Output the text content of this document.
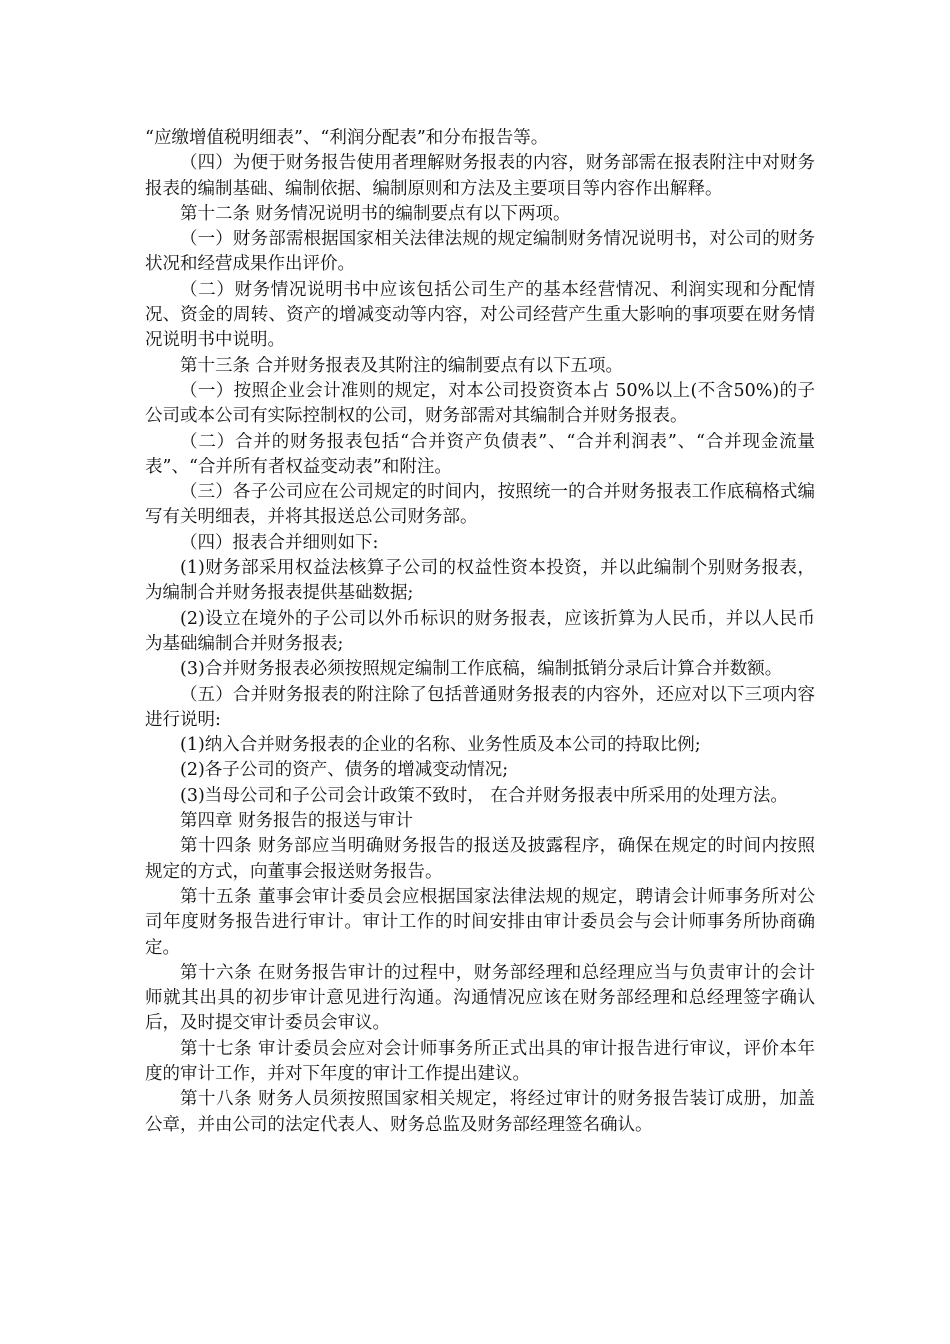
“应缴增值税明细表”、“利润分配表”和分布报告等。

（四）为便于财务报告使用者理解财务报表的内容，财务部需在报表附注中对财务报表的编制基础、编制依据、编制原则和方法及主要项目等内容作出解释。

第十二条 财务情况说明书的编制要点有以下两项。

（一）财务部需根据国家相关法律法规的规定编制财务情况说明书，对公司的财务状况和经营成果作出评价。

（二）财务情况说明书中应该包括公司生产的基本经营情况、利润实现和分配情况、资金的周转、资产的增减变动等内容，对公司经营产生重大影响的事项要在财务情况说明书中说明。

第十三条 合并财务报表及其附注的编制要点有以下五项。

（一）按照企业会计准则的规定，对本公司投资资本占 50%以上(不含50%)的子公司或本公司有实际控制权的公司，财务部需对其编制合并财务报表。

（二）合并的财务报表包括“合并资产负债表”、“合并利润表”、“合并现金流量表”、“合并所有者权益变动表”和附注。

（三）各子公司应在公司规定的时间内，按照统一的合并财务报表工作底稿格式编写有关明细表，并将其报送总公司财务部。

（四）报表合并细则如下:

(1)财务部采用权益法核算子公司的权益性资本投资，并以此编制个别财务报表，为编制合并财务报表提供基础数据;

(2)设立在境外的子公司以外币标识的财务报表，应该折算为人民币，并以人民币为基础编制合并财务报表;

(3)合并财务报表必须按照规定编制工作底稿，编制抵销分录后计算合并数额。

（五）合并财务报表的附注除了包括普通财务报表的内容外，还应对以下三项内容进行说明:

(1)纳入合并财务报表的企业的名称、业务性质及本公司的持取比例;

(2)各子公司的资产、债务的增减变动情况;

(3)当母公司和子公司会计政策不致时， 在合并财务报表中所采用的处理方法。

第四章 财务报告的报送与审计

第十四条 财务部应当明确财务报告的报送及披露程序，确保在规定的时间内按照规定的方式，向董事会报送财务报告。

第十五条 董事会审计委员会应根据国家法律法规的规定，聘请会计师事务所对公司年度财务报告进行审计。审计工作的时间安排由审计委员会与会计师事务所协商确定。

第十六条 在财务报告审计的过程中，财务部经理和总经理应当与负责审计的会计师就其出具的初步审计意见进行沟通。沟通情况应该在财务部经理和总经理签字确认后，及时提交审计委员会审议。

第十七条 审计委员会应对会计师事务所正式出具的审计报告进行审议，评价本年度的审计工作，并对下年度的审计工作提出建议。

第十八条 财务人员须按照国家相关规定，将经过审计的财务报告装订成册，加盖公章，并由公司的法定代表人、财务总监及财务部经理签名确认。
